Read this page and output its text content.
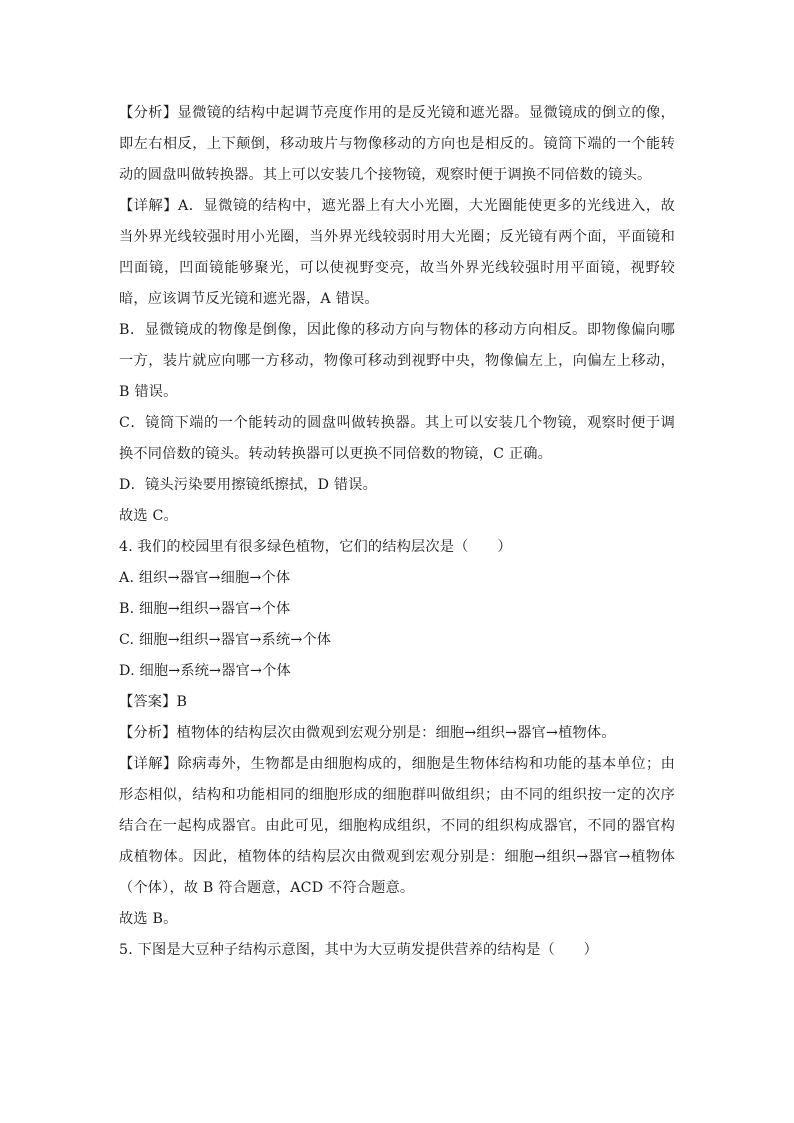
【分析】显微镜的结构中起调节亮度作用的是反光镜和遮光器。显微镜成的倒立的像，即左右相反，上下颠倒，移动玻片与物像移动的方向也是相反的。镜筒下端的一个能转动的圆盘叫做转换器。其上可以安装几个接物镜，观察时便于调换不同倍数的镜头。

【详解】A．显微镜的结构中，遮光器上有大小光圈，大光圈能使更多的光线进入，故当外界光线较强时用小光圈，当外界光线较弱时用大光圈；反光镜有两个面，平面镜和凹面镜，凹面镜能够聚光，可以使视野变亮，故当外界光线较强时用平面镜，视野较暗，应该调节反光镜和遮光器，A 错误。

B．显微镜成的物像是倒像，因此像的移动方向与物体的移动方向相反。即物像偏向哪一方，装片就应向哪一方移动，物像可移动到视野中央，物像偏左上，向偏左上移动，B 错误。

C．镜筒下端的一个能转动的圆盘叫做转换器。其上可以安装几个物镜，观察时便于调换不同倍数的镜头。转动转换器可以更换不同倍数的物镜，C 正确。

D．镜头污染要用擦镜纸擦拭，D 错误。

故选 C。

4. 我们的校园里有很多绿色植物，它们的结构层次是（　　）

A. 组织→器官→细胞→个体

B. 细胞→组织→器官→个体

C. 细胞→组织→器官→系统→个体

D. 细胞→系统→器官→个体

【答案】B

【分析】植物体的结构层次由微观到宏观分别是：细胞→组织→器官→植物体。

【详解】除病毒外，生物都是由细胞构成的，细胞是生物体结构和功能的基本单位；由形态相似，结构和功能相同的细胞形成的细胞群叫做组织；由不同的组织按一定的次序结合在一起构成器官。由此可见，细胞构成组织，不同的组织构成器官，不同的器官构成植物体。因此，植物体的结构层次由微观到宏观分别是：细胞→组织→器官→植物体（个体），故 B 符合题意，ACD 不符合题意。

故选 B。

5. 下图是大豆种子结构示意图，其中为大豆萌发提供营养的结构是（　　）
